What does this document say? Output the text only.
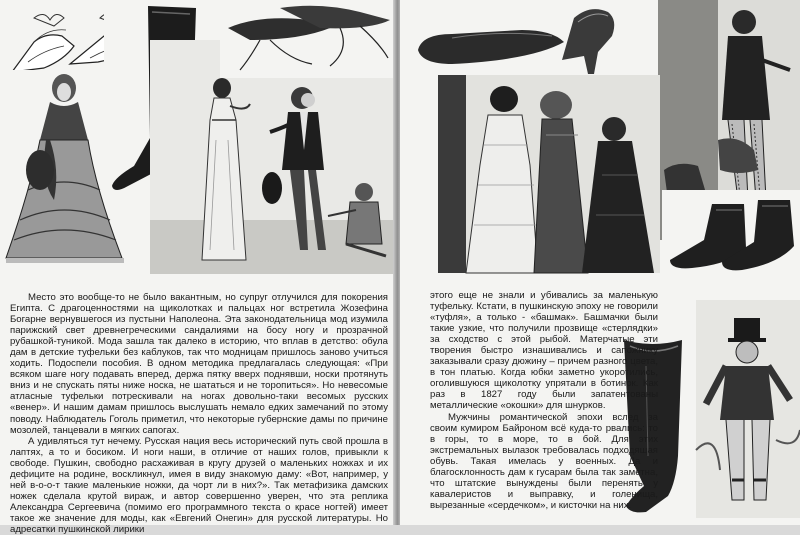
Место это вообще-то не было вакантным, но супруг отлучился для покорения Египта. С драгоценностями на щиколотках и пальцах ног встретила Жозефина Богарне вернувшегося из пустыни Наполеона. Эта законодательница мод изумила парижский свет древнегреческими сандалиями на босу ногу и прозрачной рубашкой-туникой. Мода зашла так далеко в историю, что вплав в детство: обула дам в детские туфельки без каблуков, так что модницам пришлось заново учиться ходить. Подоспели пособия. В одном методика предлагалась следующая: «При всяком шаге ногу подавать вперед, держа пятку вверх поднявши, носки протянуть вниз и не спускать пяты ниже носка, не шататься и не торопиться». Но невесомые атласные туфельки потрескивали на ногах довольно-таки весомых русских «венер». И нашим дамам пришлось выслушать немало едких замечаний по этому поводу. Наблюдатель Гоголь приметил, что некоторые губернские дамы по причине мозолей, танцевали в мягких сапогах.

А удивляться тут нечему. Русская нация весь исторический путь свой прошла в лаптях, а то и босиком. И ноги наши, в отличие от наших голов, привыкли к свободе. Пушкин, свободно расхаживая в кругу друзей о маленьких ножках и их дефиците на родине, воскликнул, имея в виду знакомую даму: «Вот, например, у ней в-о-о-т такие маленькие ножки, да чорт ли в них?». Так метафизика дамских ножек сделала крутой вираж, и автор совершенно уверен, что эта реплика Александра Сергеевича (помимо его программного текста о красе ногтей) имеет такое же значение для моды, как «Евгений Онегин» для русской литературы. Но адресатки пушкинской лирики

этого еще не знали и убивались за маленькую туфельку. Кстати, в пушкинскую эпоху не говорили «туфля», а только - «башмак». Башмачки были такие узкие, что получили прозвище «стерлядки» за сходство с этой рыбой. Матерчатые эти творения быстро изнашивались и сапожнику заказывали сразу дюжину – причем разного цвета, в тон платью. Когда юбки заметно укоротились, оголившуюся щиколотку упрятали в ботинок. Как раз в 1827 году были запатентованы металлические «окошки» для шнурков.

Мужчины романтической эпохи вслед за своим кумиром Байроном всё куда-то рвались: то в горы, то в море, то в бой. Для этих экстремальных вылазок требовалась подходящая обувь. Такая имелась у военных. Да и благосклонность дам к гусарам была так заметна, что штатские вынуждены были перенять у кавалеристов и выправку, и голенища, вырезанные «сердечком», и кисточки на них.
